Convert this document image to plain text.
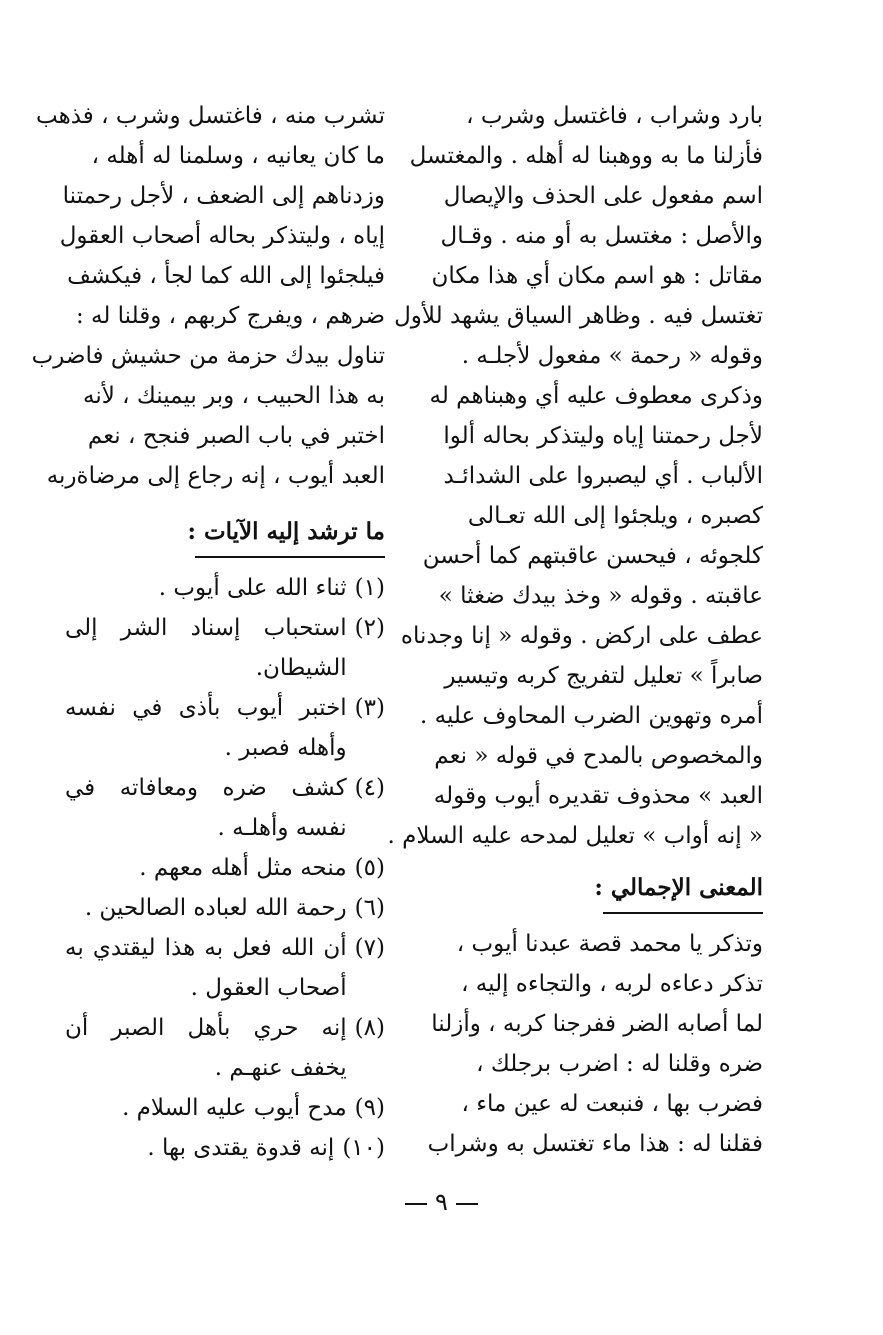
بارد وشراب ، فاغتسل وشرب ،
فأزلنا ما به ووهبنا له أهله . والمغتسل
اسم مفعول على الحذف والإيصال
والأصل : مغتسل به أو منه . وقـال
مقاتل : هو اسم مكان أي هذا مكان
تغتسل فيه . وظاهر السياق يشهد للأول
وقوله « رحمة » مفعول لأجلـه .
وذكرى معطوف عليه أي وهبناهم له
لأجل رحمتنا إياه وليتذكر بحاله ألوا
الألباب . أي ليصبروا على الشدائـد
كصبره ، ويلجئوا إلى الله تعـالى
كلجوئه ، فيحسن عاقبتهم كما أحسن
عاقبته . وقوله « وخذ بيدك ضغثا »
عطف على اركض . وقوله « إنا وجدناه
صابراً » تعليل لتفريج كربه وتيسير
أمره وتهوين الضرب المحاوف عليه .
والمخصوص بالمدح في قوله « نعم
العبد » محذوف تقديره أيوب وقوله
« إنه أواب » تعليل لمدحه عليه السلام .
المعنى الإجمالي :
وتذكر يا محمد قصة عبدنا أيوب ،
تذكر دعاءه لربه ، والتجاءه إليه ،
لما أصابه الضر ففرجنا كربه ، وأزلنا
ضره وقلنا له : اضرب برجلك ،
فضرب بها ، فنبعت له عين ماء ،
فقلنا له : هذا ماء تغتسل به وشراب
تشرب منه ، فاغتسل وشرب ، فذهب
ما كان يعانيه ، وسلمنا له أهله ،
وزدناهم إلى الضعف ، لأجل رحمتنا
إياه ، وليتذكر بحاله أصحاب العقول
فيلجئوا إلى الله كما لجأ ، فيكشف
ضرهم ، ويفرج كربهم ، وقلنا له :
تناول بيدك حزمة من حشيش فاضرب
به هذا الحبيب ، وبر بيمينك ، لأنه
اختبر في باب الصبر فنجح ، نعم
العبد أيوب ، إنه رجاع إلى مرضاةربه
ما ترشد إليه الآيات :
(١)
ثناء الله على أيوب .
(٢)
استحباب إسناد الشر إلى الشيطان.
(٣)
اختبر أيوب بأذى في نفسه وأهله فصبر .
(٤)
كشف ضره ومعافاته في نفسه وأهلـه .
(٥)
منحه مثل أهله معهم .
(٦)
رحمة الله لعباده الصالحين .
(٧)
أن الله فعل به هذا ليقتدي به أصحاب العقول .
(٨)
إنه حري بأهل الصبر أن يخفف عنهـم .
(٩)
مدح أيوب عليه السلام .
(١٠)
إنه قدوة يقتدى بها .
٩
